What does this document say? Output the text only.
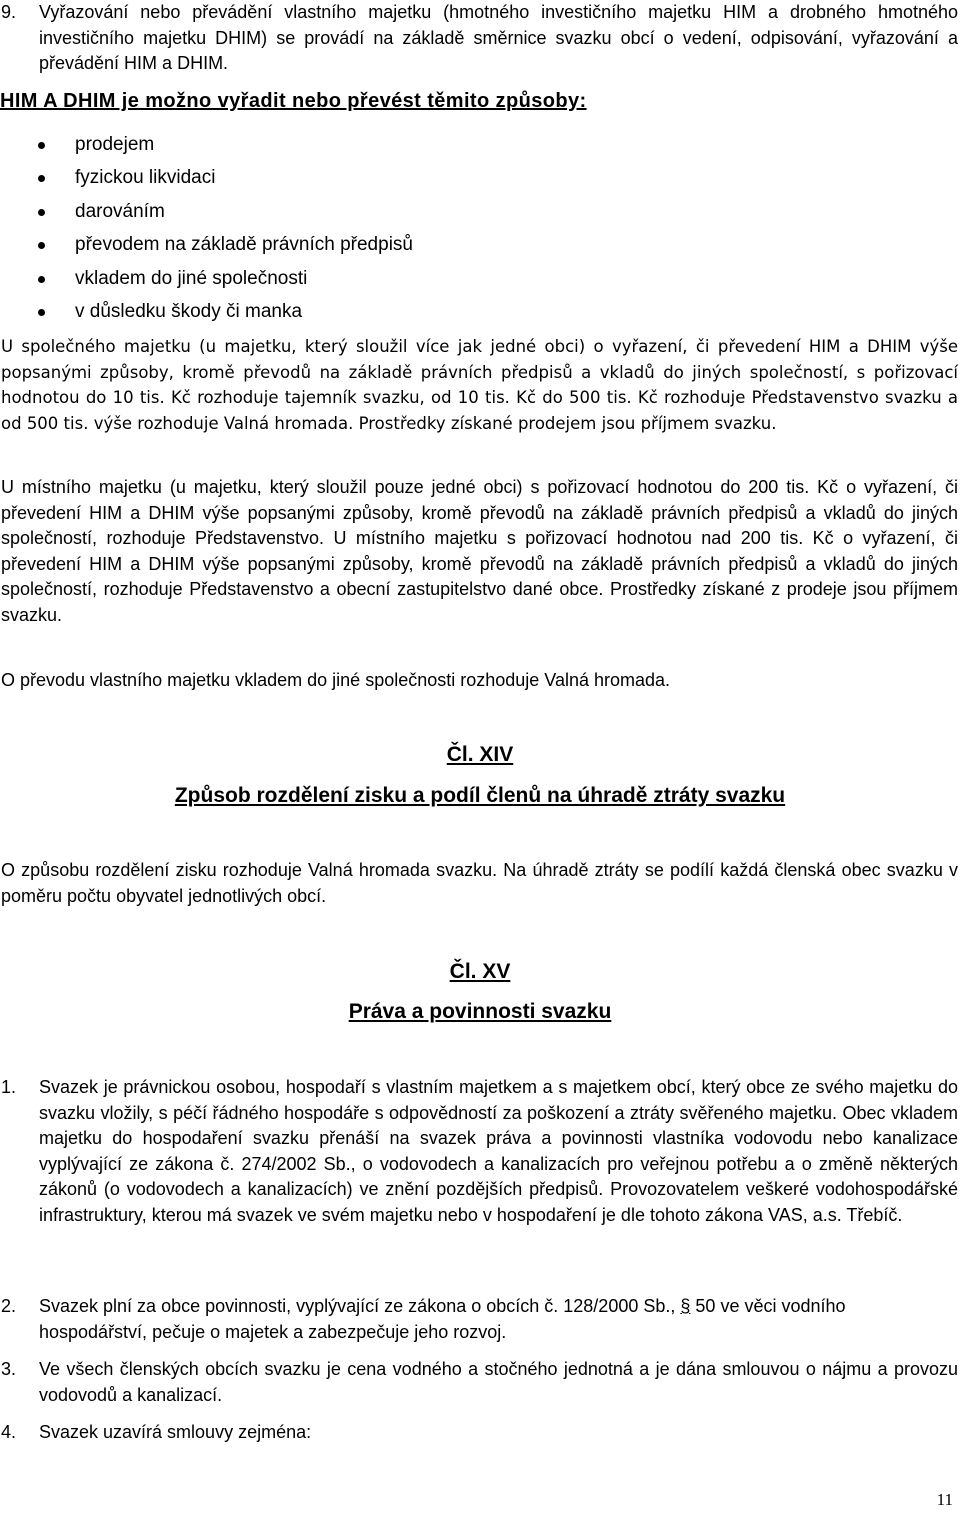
9. Vyřazování nebo převádění vlastního majetku (hmotného investičního majetku HIM a drobného hmotného investičního majetku DHIM) se provádí na základě směrnice svazku obcí o vedení, odpisování, vyřazování a převádění HIM a DHIM.
HIM A DHIM je možno vyřadit nebo převést těmito způsoby:
prodejem
fyzickou likvidaci
darováním
převodem na základě právních předpisů
vkladem do jiné společnosti
v důsledku škody či manka
U společného majetku (u majetku, který sloužil více jak jedné obci) o vyřazení, či převedení HIM a DHIM výše popsanými způsoby, kromě převodů na základě právních předpisů a vkladů do jiných společností, s pořizovací hodnotou do 10 tis. Kč rozhoduje tajemník svazku, od 10 tis. Kč do 500 tis. Kč rozhoduje Představenstvo svazku a od 500 tis. výše rozhoduje Valná hromada. Prostředky získané prodejem jsou příjmem svazku.
U místního majetku (u majetku, který sloužil pouze jedné obci) s pořizovací hodnotou do 200 tis. Kč o vyřazení, či převedení HIM a DHIM výše popsanými způsoby, kromě převodů na základě právních předpisů a vkladů do jiných společností, rozhoduje Představenstvo. U místního majetku s pořizovací hodnotou nad 200 tis. Kč o vyřazení, či převedení HIM a DHIM výše popsanými způsoby, kromě převodů na základě právních předpisů a vkladů do jiných společností, rozhoduje Představenstvo a obecní zastupitelstvo dané obce. Prostředky získané z prodeje jsou příjmem svazku.
O převodu vlastního majetku vkladem do jiné společnosti rozhoduje Valná hromada.
Čl. XIV
Způsob rozdělení zisku a podíl členů na úhradě ztráty svazku
O způsobu rozdělení zisku rozhoduje Valná hromada svazku. Na úhradě ztráty se podílí každá členská obec svazku v poměru počtu obyvatel jednotlivých obcí.
Čl. XV
Práva a povinnosti svazku
1. Svazek je právnickou osobou, hospodaří s vlastním majetkem a s majetkem obcí, který obce ze svého majetku do svazku vložily, s péčí řádného hospodáře s odpovědností za poškození a ztráty svěřeného majetku. Obec vkladem majetku do hospodaření svazku přenáší na svazek práva a povinnosti vlastníka vodovodu nebo kanalizace vyplývající ze zákona č. 274/2002 Sb., o vodovodech a kanalizacích pro veřejnou potřebu a o změně některých zákonů (o vodovodech a kanalizacích) ve znění pozdějších předpisů. Provozovatelem veškeré vodohospodářské infrastruktury, kterou má svazek ve svém majetku nebo v hospodaření je dle tohoto zákona VAS, a.s. Třebíč.
2. Svazek plní za obce povinnosti, vyplývající ze zákona o obcích č. 128/2000 Sb., § 50 ve věci vodního hospodářství, pečuje o majetek a zabezpečuje jeho rozvoj.
3. Ve všech členských obcích svazku je cena vodného a stočného jednotná a je dána smlouvou o nájmu a provozu vodovodů a kanalizací.
4. Svazek uzavírá smlouvy zejména:
11
